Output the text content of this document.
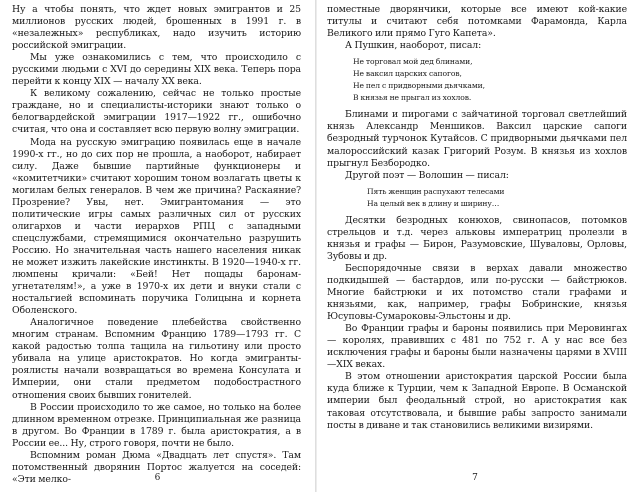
Ну а чтобы понять, что ждет новых эмигрантов и 25 миллионов русских людей, брошенных в 1991 г. в «незалежных» республиках, надо изучить историю российской эмиграции.

Мы уже ознакомились с тем, что происходило с русскими людьми с XVI до середины XIX века. Теперь пора перейти к концу XIX — началу XX века.

К великому сожалению, сейчас не только простые граждане, но и специалисты-историки знают только о белогвардейской эмиграции 1917—1922 гг., ошибочно считая, что она и составляет всю первую волну эмиграции.

Мода на русскую эмиграцию появилась еще в начале 1990-х гг., но до сих пор не прошла, а наоборот, набирает силу. Даже бывшие партийные функционеры и «комитетчики» считают хорошим тоном возлагать цветы к могилам белых генералов. В чем же причина? Раскаяние? Прозрение? Увы, нет. Эмигрантомания — это политические игры самых различных сил от русских олигархов и части иерархов РПЦ с западными спецслужбами, стремящимися окончательно разрушить Россию. Но значительная часть нашего населения никак не может изжить лакейские инстинкты. В 1920—1940-х гг. люмпены кричали: «Бей! Нет пощады баронам-угнетателям!», а уже в 1970-х их дети и внуки стали с ностальгией вспоминать поручика Голицына и корнета Оболенского.

Аналогичное поведение плебейства свойственно многим странам. Вспомним Францию 1789—1793 гг. С какой радостью толпа тащила на гильотину или просто убивала на улице аристократов. Но когда эмигранты-роялисты начали возвращаться во времена Консулата и Империи, они стали предметом подобострастного отношения своих бывших гонителей.

В России происходило то же самое, но только на более длинном временном отрезке. Принципиальная же разница в другом. Во Франции в 1789 г. была аристократия, а в России ее... Ну, строго говоря, почти не было.

Вспомним роман Дюма «Двадцать лет спустя». Там потомственный дворянин Портос жалуется на соседей: «Эти мелко-	6

поместные дворянчики, которые все имеют кой-какие титулы и считают себя потомками Фарамонда, Карла Великого или прямо Гуго Капета».

А Пушкин, наоборот, писал:

Не торговал мой дед блинами,
Не ваксил царских сапогов,
Не пел с придворными дьячками,
В князья не прыгал из хохлов.

Блинами и пирогами с зайчатиной торговал светлейший князь Александр Меншиков. Ваксил царские сапоги безродный турчонок Кутайсов. С придворными дьячками пел малороссийский казак Григорий Розум. В князья из хохлов прыгнул Безбородко.

Другой поэт — Волошин — писал:

Пять женщин распухают телесами
На целый век в длину и ширину…

Десятки безродных конюхов, свинопасов, потомков стрельцов и т.д. через альковы императриц пролезли в князья и графы — Бирон, Разумовские, Шуваловы, Орловы, Зубовы и др.

Беспорядочные связи в верхах давали множество подкидышей — бастардов, или по-русски — байстрюков. Многие байстрюки и их потомство стали графами и князьями, как, например, графы Бобринские, князья Юсуповы-Сумароковы-Эльстоны и др.

Во Франции графы и бароны появились при Меровингах — королях, правивших с 481 по 752 г. А у нас все без исключения графы и бароны были назначены царями в XVIII—XIX веках.

В этом отношении аристократия царской России была куда ближе к Турции, чем к Западной Европе. В Османской империи был феодальный строй, но аристократия как таковая отсутствовала, и бывшие рабы запросто занимали посты в диване и так становились великими визирями.

7
